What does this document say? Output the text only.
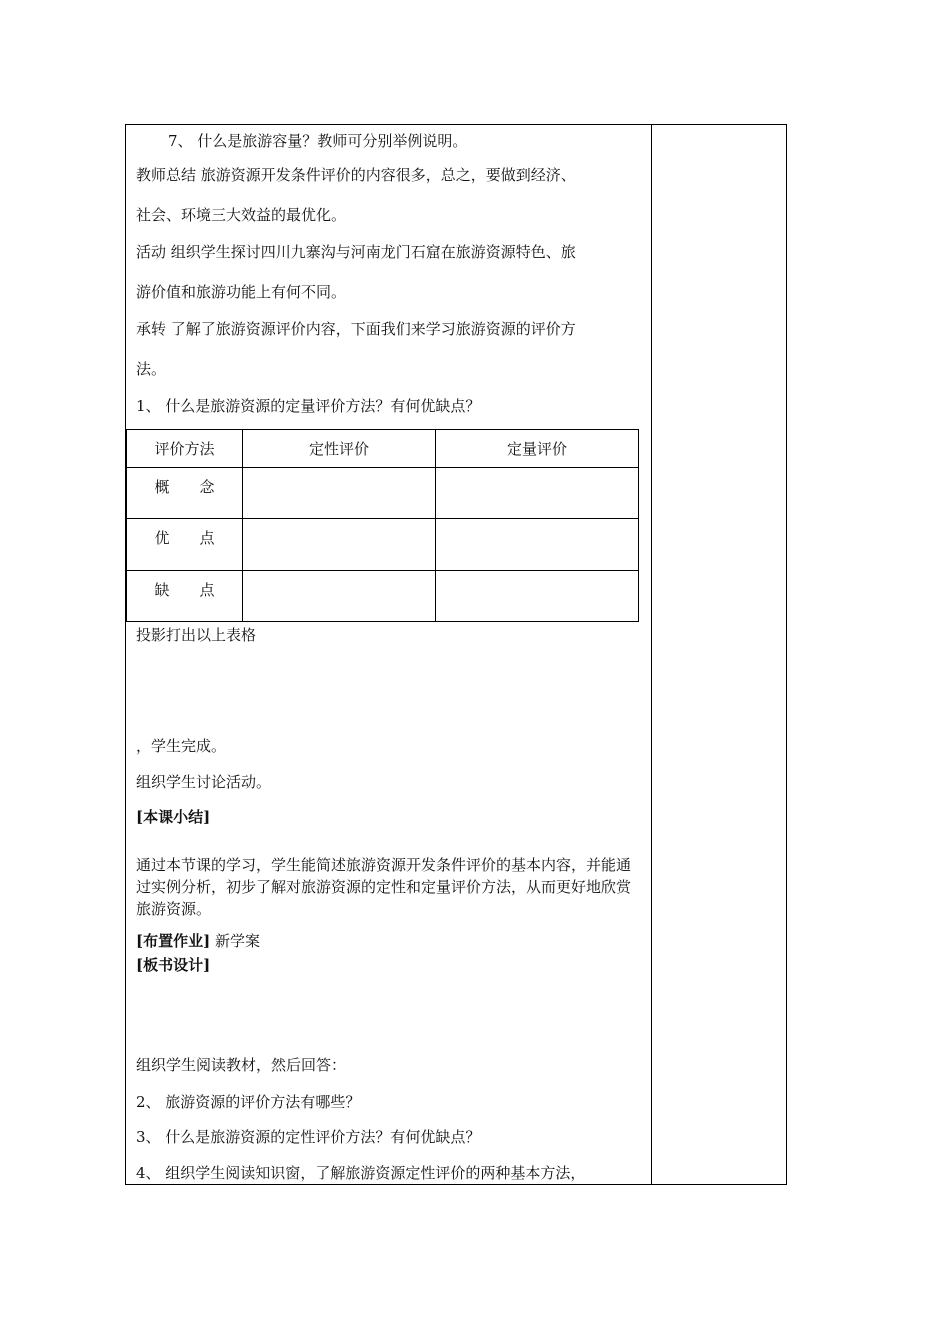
7、 什么是旅游容量？教师可分别举例说明。
教师总结 旅游资源开发条件评价的内容很多，总之，要做到经济、
社会、环境三大效益的最优化。
活动 组织学生探讨四川九寨沟与河南龙门石窟在旅游资源特色、旅
游价值和旅游功能上有何不同。
承转 了解了旅游资源评价内容，下面我们来学习旅游资源的评价方
法。
1、 什么是旅游资源的定量评价方法？有何优缺点？
评价方法	定性评价	定量评价
概 念		
优 点		
缺 点		
投影打出以上表格
，学生完成。
组织学生讨论活动。
[本课小结]
通过本节课的学习，学生能简述旅游资源开发条件评价的基本内容，并能通过实例分析，初步了解对旅游资源的定性和定量评价方法，从而更好地欣赏旅游资源。
[布置作业] 新学案
[板书设计]
组织学生阅读教材，然后回答：
2、 旅游资源的评价方法有哪些？
3、 什么是旅游资源的定性评价方法？有何优缺点？
4、 组织学生阅读知识窗，了解旅游资源定性评价的两种基本方法，
